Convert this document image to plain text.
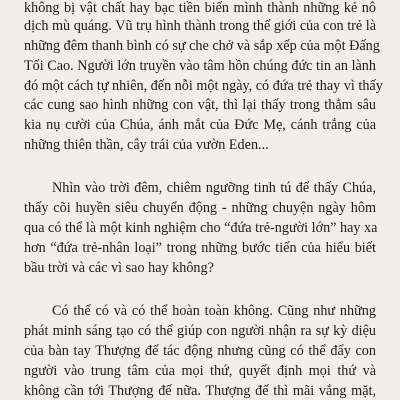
không bị vật chất hay bạc tiền biến mình thành những kẻ nô

dịch mù quáng. Vũ trụ hình thành trong thế giới của con trẻ là

những đêm thanh bình có sự che chở và sắp xếp của một Đấng

Tối Cao. Người lớn truyền vào tâm hồn chúng đức tin an lành

đó một cách tự nhiên, đến nỗi một ngày, có đứa trẻ thay vì thấy

các cung sao hình những con vật, thì lại thấy trong thẳm sâu

kia nụ cười của Chúa, ánh mắt của Đức Mẹ, cánh trắng của

những thiên thần, cây trái của vườn Eden...

Nhìn vào trời đêm, chiêm ngưỡng tinh tú để thấy Chúa,

thấy cõi huyền siêu chuyển động - những chuyện ngày hôm

qua có thể là một kinh nghiệm cho “đứa trẻ-người lớn” hay xa

hơn “đứa trẻ-nhân loại” trong những bước tiến của hiểu biết

bầu trời và các vì sao hay không?

Có thể có và có thể hoàn toàn không. Cũng như những

phát minh sáng tạo có thể giúp con người nhận ra sự kỳ diệu

của bàn tay Thượng đế tác động nhưng cũng có thể đẩy con

người vào trung tâm của mọi thứ, quyết định mọi thứ và

không cần tới Thượng đế nữa. Thượng đế thì mãi vắng mặt,
